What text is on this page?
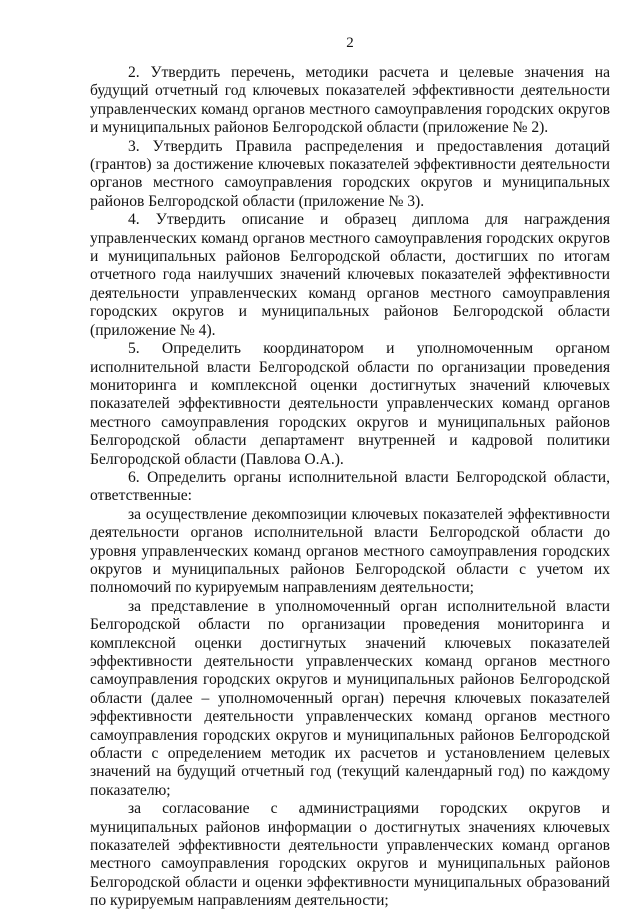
2

2. Утвердить перечень, методики расчета и целевые значения на будущий отчетный год ключевых показателей эффективности деятельности управленческих команд органов местного самоуправления городских округов и муниципальных районов Белгородской области (приложение № 2).

3. Утвердить Правила распределения и предоставления дотаций (грантов) за достижение ключевых показателей эффективности деятельности органов местного самоуправления городских округов и муниципальных районов Белгородской области (приложение № 3).

4. Утвердить описание и образец диплома для награждения управленческих команд органов местного самоуправления городских округов и муниципальных районов Белгородской области, достигших по итогам отчетного года наилучших значений ключевых показателей эффективности деятельности управленческих команд органов местного самоуправления городских округов и муниципальных районов Белгородской области (приложение № 4).

5. Определить координатором и уполномоченным органом исполнительной власти Белгородской области по организации проведения мониторинга и комплексной оценки достигнутых значений ключевых показателей эффективности деятельности управленческих команд органов местного самоуправления городских округов и муниципальных районов Белгородской области департамент внутренней и кадровой политики Белгородской области (Павлова О.А.).

6. Определить органы исполнительной власти Белгородской области, ответственные:

за осуществление декомпозиции ключевых показателей эффективности деятельности органов исполнительной власти Белгородской области до уровня управленческих команд органов местного самоуправления городских округов и муниципальных районов Белгородской области с учетом их полномочий по курируемым направлениям деятельности;

за представление в уполномоченный орган исполнительной власти Белгородской области по организации проведения мониторинга и комплексной оценки достигнутых значений ключевых показателей эффективности деятельности управленческих команд органов местного самоуправления городских округов и муниципальных районов Белгородской области (далее – уполномоченный орган) перечня ключевых показателей эффективности деятельности управленческих команд органов местного самоуправления городских округов и муниципальных районов Белгородской области с определением методик их расчетов и установлением целевых значений на будущий отчетный год (текущий календарный год) по каждому показателю;

за согласование с администрациями городских округов и муниципальных районов информации о достигнутых значениях ключевых показателей эффективности деятельности управленческих команд органов местного самоуправления городских округов и муниципальных районов Белгородской области и оценки эффективности муниципальных образований по курируемым направлениям деятельности;
